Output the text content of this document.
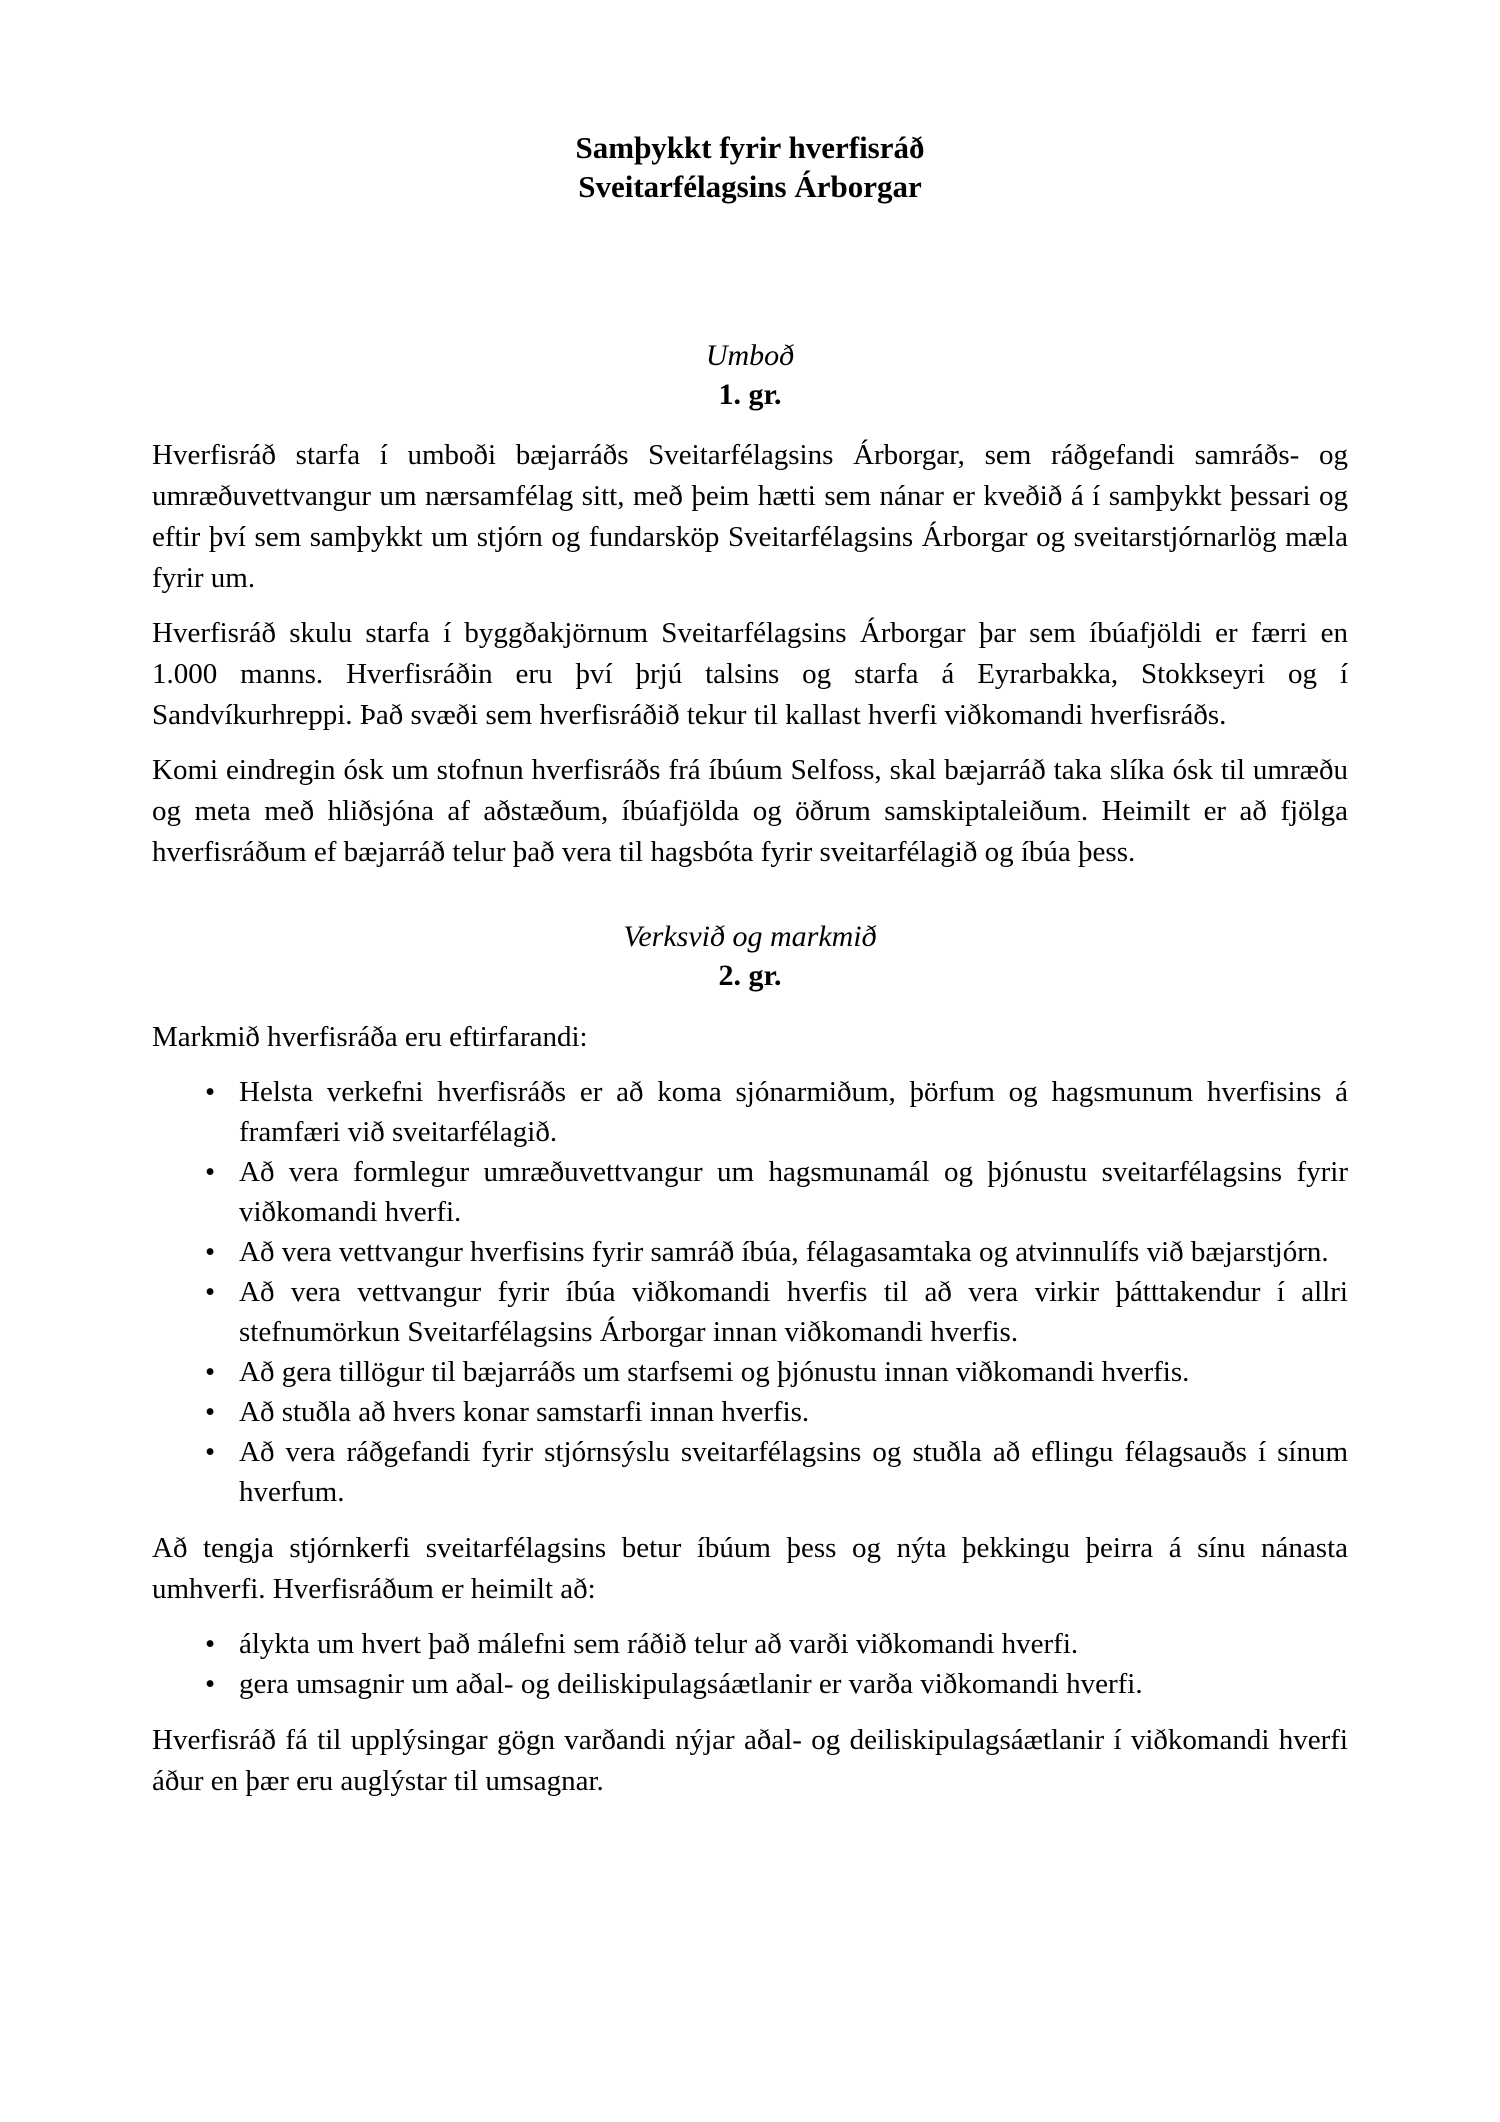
Samþykkt fyrir hverfisráð
Sveitarfélagsins Árborgar
Umboð
1. gr.

Hverfisráð starfa í umboði bæjarráðs Sveitarfélagsins Árborgar, sem ráðgefandi samráðs- og umræðuvettvangur um nærsamfélag sitt, með þeim hætti sem nánar er kveðið á í samþykkt þessari og eftir því sem samþykkt um stjórn og fundarsköp Sveitarfélagsins Árborgar og sveitarstjórnarlög mæla fyrir um.

Hverfisráð skulu starfa í byggðakjörnum Sveitarfélagsins Árborgar þar sem íbúafjöldi er færri en 1.000 manns. Hverfisráðin eru því þrjú talsins og starfa á Eyrarbakka, Stokkseyri og í Sandvíkurhreppi. Það svæði sem hverfisráðið tekur til kallast hverfi viðkomandi hverfisráðs.

Komi eindregin ósk um stofnun hverfisráðs frá íbúum Selfoss, skal bæjarráð taka slíka ósk til umræðu og meta með hliðsjóna af aðstæðum, íbúafjölda og öðrum samskiptaleiðum. Heimilt er að fjölga hverfisráðum ef bæjarráð telur það vera til hagsbóta fyrir sveitarfélagið og íbúa þess.

Verksvið og markmið
2. gr.

Markmið hverfisráða eru eftirfarandi:

• Helsta verkefni hverfisráðs er að koma sjónarmiðum, þörfum og hagsmunum hverfisins á framfæri við sveitarfélagið.
• Að vera formlegur umræðuvettvangur um hagsmunamál og þjónustu sveitarfélagsins fyrir viðkomandi hverfi.
• Að vera vettvangur hverfisins fyrir samráð íbúa, félagasamtaka og atvinnulífs við bæjarstjórn.
• Að vera vettvangur fyrir íbúa viðkomandi hverfis til að vera virkir þátttakendur í allri stefnumörkun Sveitarfélagsins Árborgar innan viðkomandi hverfis.
• Að gera tillögur til bæjarráðs um starfsemi og þjónustu innan viðkomandi hverfis.
• Að stuðla að hvers konar samstarfi innan hverfis.
• Að vera ráðgefandi fyrir stjórnsýslu sveitarfélagsins og stuðla að eflingu félagsauðs í sínum hverfum.

Að tengja stjórnkerfi sveitarfélagsins betur íbúum þess og nýta þekkingu þeirra á sínu nánasta umhverfi. Hverfisráðum er heimilt að:

• álykta um hvert það málefni sem ráðið telur að varði viðkomandi hverfi.
• gera umsagnir um aðal- og deiliskipulagsáætlanir er varða viðkomandi hverfi.

Hverfisráð fá til upplýsingar gögn varðandi nýjar aðal- og deiliskipulagsáætlanir í viðkomandi hverfi áður en þær eru auglýstar til umsagnar.
